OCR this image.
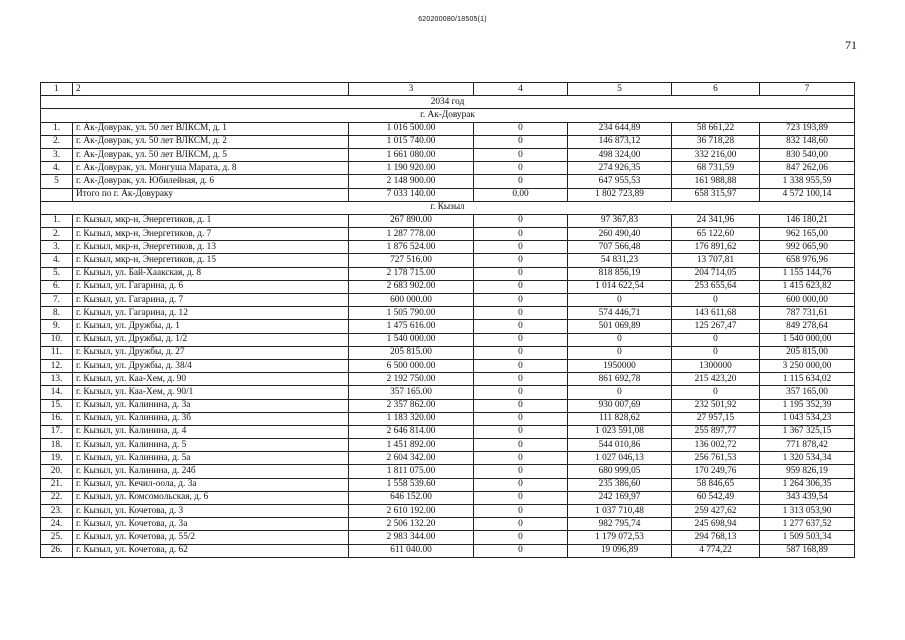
620200080/18505(1)
71
1	2	3	4	5	6	7
2034 год						
г. Ак-Довурак						
1.	г. Ак-Довурак, ул. 50 лет ВЛКСМ, д. 1	1 016 500.00	0	234 644,89	58 661,22	723 193,89
2.	г. Ак-Довурак, ул. 50 лет ВЛКСМ, д. 2	1 015 740.00	0	146 873,12	36 718,28	832 148,60
3.	г. Ак-Довурак, ул. 50 лет ВЛКСМ, д. 5	1 661 080.00	0	498 324,00	332 216,00	830 540,00
4.	г. Ак-Довурак, ул. Монгуша Марата, д. 8	1 190 920.00	0	274 926,35	68 731,59	847 262,06
5	г. Ак-Довурак, ул. Юбилейная, д. 6	2 148 900.00	0	647 955,53	161 988,88	1 338 955,59
	Итого по г. Ак-Довураку	7 033 140.00	0.00	1 802 723,89	658 315,97	4 572 100,14
г. Кызыл						
1.	г. Кызыл, мкр-н, Энергетиков, д. 1	267 890.00	0	97 367,83	24 341,96	146 180,21
2.	г. Кызыл, мкр-н, Энергетиков, д. 7	1 287 778.00	0	260 490,40	65 122,60	962 165,00
3.	г. Кызыл, мкр-н, Энергетиков, д. 13	1 876 524.00	0	707 566,48	176 891,62	992 065,90
4.	г. Кызыл, мкр-н, Энергетиков, д. 15	727 516.00	0	54 831,23	13 707,81	658 976,96
5.	г. Кызыл, ул. Бай-Хаакская, д. 8	2 178 715.00	0	818 856,19	204 714,05	1 155 144,76
6.	г. Кызыл, ул. Гагарина, д. 6	2 683 902.00	0	1 014 622,54	253 655,64	1 415 623,82
7.	г. Кызыл, ул. Гагарина, д. 7	600 000.00	0	0	0	600 000,00
8.	г. Кызыл, ул. Гагарина, д. 12	1 505 790.00	0	574 446,71	143 611,68	787 731,61
9.	г. Кызыл, ул. Дружбы, д. 1	1 475 616.00	0	501 069,89	125 267,47	849 278,64
10.	г. Кызыл, ул. Дружбы, д. 1/2	1 540 000.00	0	0	0	1 540 000,00
11.	г. Кызыл, ул. Дружбы, д. 27	205 815.00	0	0	0	205 815,00
12.	г. Кызыл, ул. Дружбы, д. 38/4	6 500 000.00	0	1950000	1300000	3 250 000,00
13.	г. Кызыл, ул. Каа-Хем, д. 90	2 192 750.00	0	861 692,78	215 423,20	1 115 634,02
14.	г. Кызыл, ул. Каа-Хем, д. 90/1	357 165.00	0	0	0	357 165,00
15.	г. Кызыл, ул. Калинина, д. 3а	2 357 862.00	0	930 007,69	232 501,92	1 195 352,39
16.	г. Кызыл, ул. Калинина, д. 3б	1 183 320.00	0	111 828,62	27 957,15	1 043 534,23
17.	г. Кызыл, ул. Калинина, д. 4	2 646 814.00	0	1 023 591,08	255 897,77	1 367 325,15
18.	г. Кызыл, ул. Калинина, д. 5	1 451 892.00	0	544 010,86	136 002,72	771 878,42
19.	г. Кызыл, ул. Калинина, д. 5а	2 604 342.00	0	1 027 046,13	256 761,53	1 320 534,34
20.	г. Кызыл, ул. Калинина, д. 24б	1 811 075.00	0	680 999,05	170 249,76	959 826,19
21.	г. Кызыл, ул. Кечил-оола, д. 3а	1 558 539.60	0	235 386,60	58 846,65	1 264 306,35
22.	г. Кызыл, ул. Комсомольская, д. 6	646 152.00	0	242 169,97	60 542,49	343 439,54
23.	г. Кызыл, ул. Кочетова, д. 3	2 610 192.00	0	1 037 710,48	259 427,62	1 313 053,90
24.	г. Кызыл, ул. Кочетова, д. 3а	2 506 132.20	0	982 795,74	245 698,94	1 277 637,52
25.	г. Кызыл, ул. Кочетова, д. 55/2	2 983 344.00	0	1 179 072,53	294 768,13	1 509 503,34
26.	г. Кызыл, ул. Кочетова, д. 62	611 040.00	0	19 096,89	4 774,22	587 168,89
